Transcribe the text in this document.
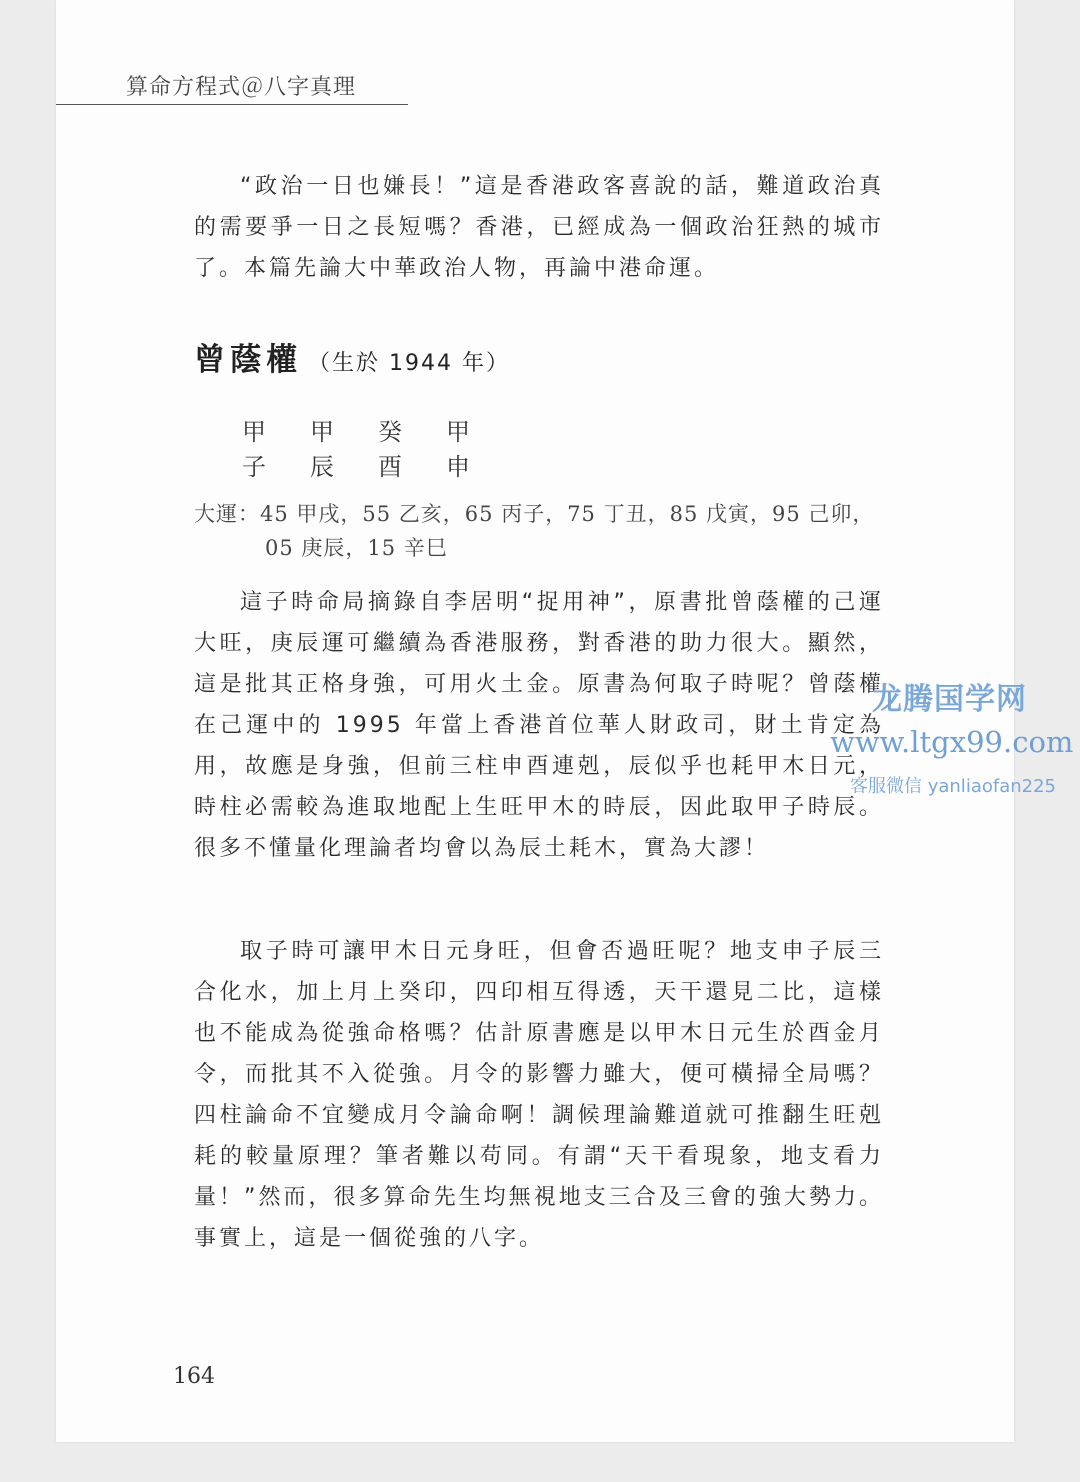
算命方程式＠八字真理

“政治一日也嫌長！”這是香港政客喜說的話，難道政治真的需要爭一日之長短嗎？香港，已經成為一個政治狂熱的城市了。本篇先論大中華政治人物，再論中港命運。

曾蔭權 （生於 1944 年）
甲	甲	癸	甲
子	辰	酉	申
大運：45 甲戌，55 乙亥，65 丙子，75 丁丑，85 戊寅，95 己卯，
05 庚辰，15 辛巳

這子時命局摘錄自李居明“捉用神”，原書批曾蔭權的己運大旺，庚辰運可繼續為香港服務，對香港的助力很大。顯然，這是批其正格身強，可用火土金。原書為何取子時呢？曾蔭權在己運中的 1995 年當上香港首位華人財政司，財土肯定為用，故應是身強，但前三柱申酉連剋，辰似乎也耗甲木日元，時柱必需較為進取地配上生旺甲木的時辰，因此取甲子時辰。很多不懂量化理論者均會以為辰土耗木，實為大謬！

取子時可讓甲木日元身旺，但會否過旺呢？地支申子辰三合化水，加上月上癸印，四印相互得透，天干還見二比，這樣也不能成為從強命格嗎？估計原書應是以甲木日元生於酉金月令，而批其不入從強。月令的影響力雖大，便可橫掃全局嗎？四柱論命不宜變成月令論命啊！調候理論難道就可推翻生旺剋耗的較量原理？筆者難以苟同。有謂“天干看現象，地支看力量！”然而，很多算命先生均無視地支三合及三會的強大勢力。事實上，這是一個從強的八字。

164
龙腾国学网
www.ltgx99.com
客服微信 yanliaofan225
